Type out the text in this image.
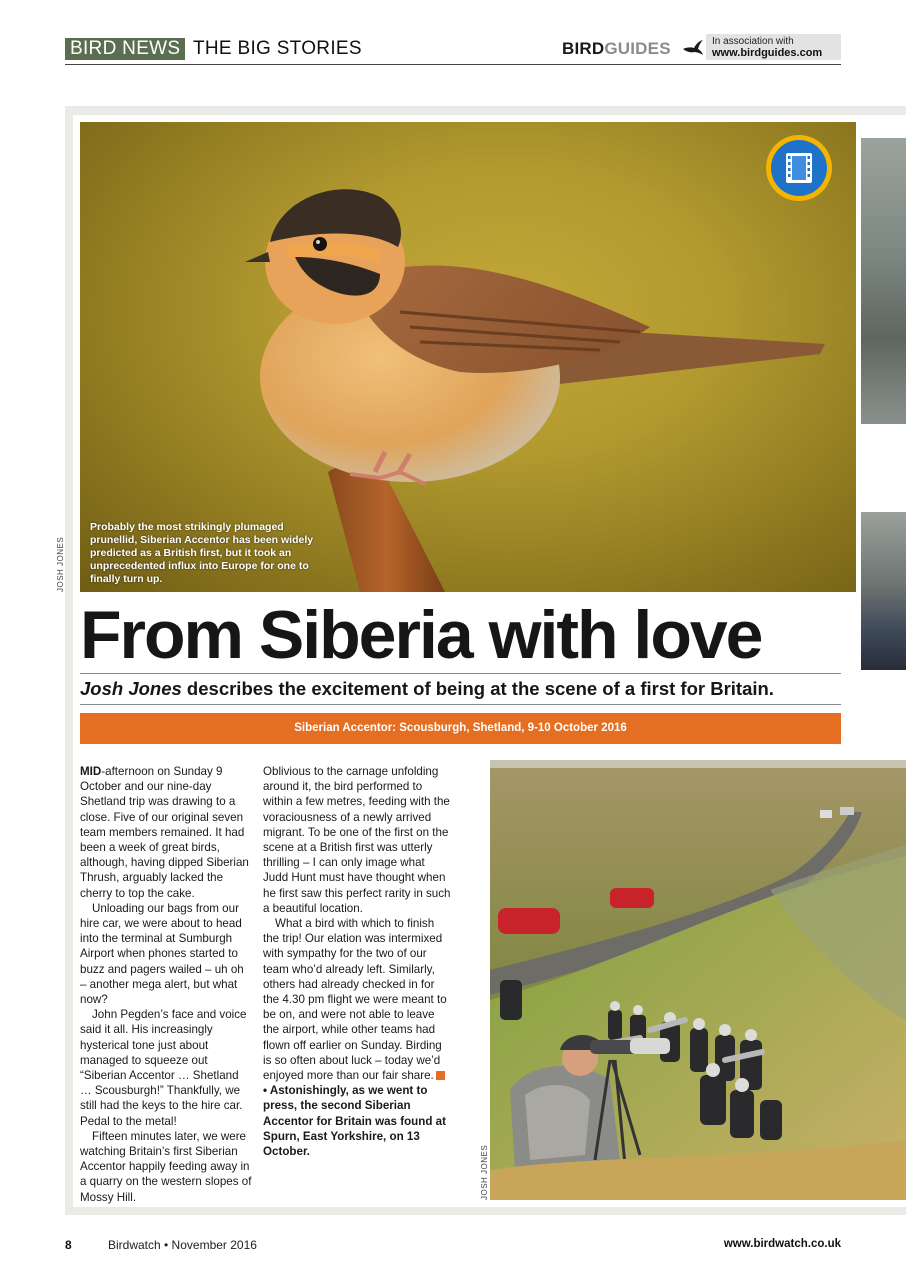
BIRD NEWS THE BIG STORIES	BIRDGUIDES	In association with
www.birdguides.com
Probably the most strikingly plumaged prunellid, Siberian Accentor has been widely predicted as a British first, but it took an unprecedented influx into Europe for one to finally turn up.
JOSH JONES
From Siberia with love
Josh Jones describes the excitement of being at the scene of a first for Britain.
Siberian Accentor: Scousburgh, Shetland, 9-10 October 2016

MID-afternoon on Sunday 9 October and our nine-day Shetland trip was drawing to a close. Five of our original seven team members remained. It had been a week of great birds, although, having dipped Siberian Thrush, arguably lacked the cherry to top the cake.

Unloading our bags from our hire car, we were about to head into the terminal at Sumburgh Airport when phones started to buzz and pagers wailed – uh oh – another mega alert, but what now?

John Pegden’s face and voice said it all. His increasingly hysterical tone just about managed to squeeze out “Siberian Accentor … Shetland … Scousburgh!” Thankfully, we still had the keys to the hire car. Pedal to the metal!

Fifteen minutes later, we were watching Britain’s first Siberian Accentor happily feeding away in a quarry on the western slopes of Mossy Hill.

Oblivious to the carnage unfolding around it, the bird performed to within a few metres, feeding with the voraciousness of a newly arrived migrant. To be one of the first on the scene at a British first was utterly thrilling – I can only image what Judd Hunt must have thought when he first saw this perfect rarity in such a beautiful location.

What a bird with which to finish the trip! Our elation was intermixed with sympathy for the two of our team who’d already left. Similarly, others had already checked in for the 4.30 pm flight we were meant to be on, and were not able to leave the airport, while other teams had flown off earlier on Sunday. Birding is so often about luck – today we’d enjoyed more than our fair share.

• Astonishingly, as we went to press, the second Siberian Accentor for Britain was found at Spurn, East Yorkshire, on 13 October.	JOSH JONES
8	Birdwatch • November 2016	www.birdwatch.co.uk
